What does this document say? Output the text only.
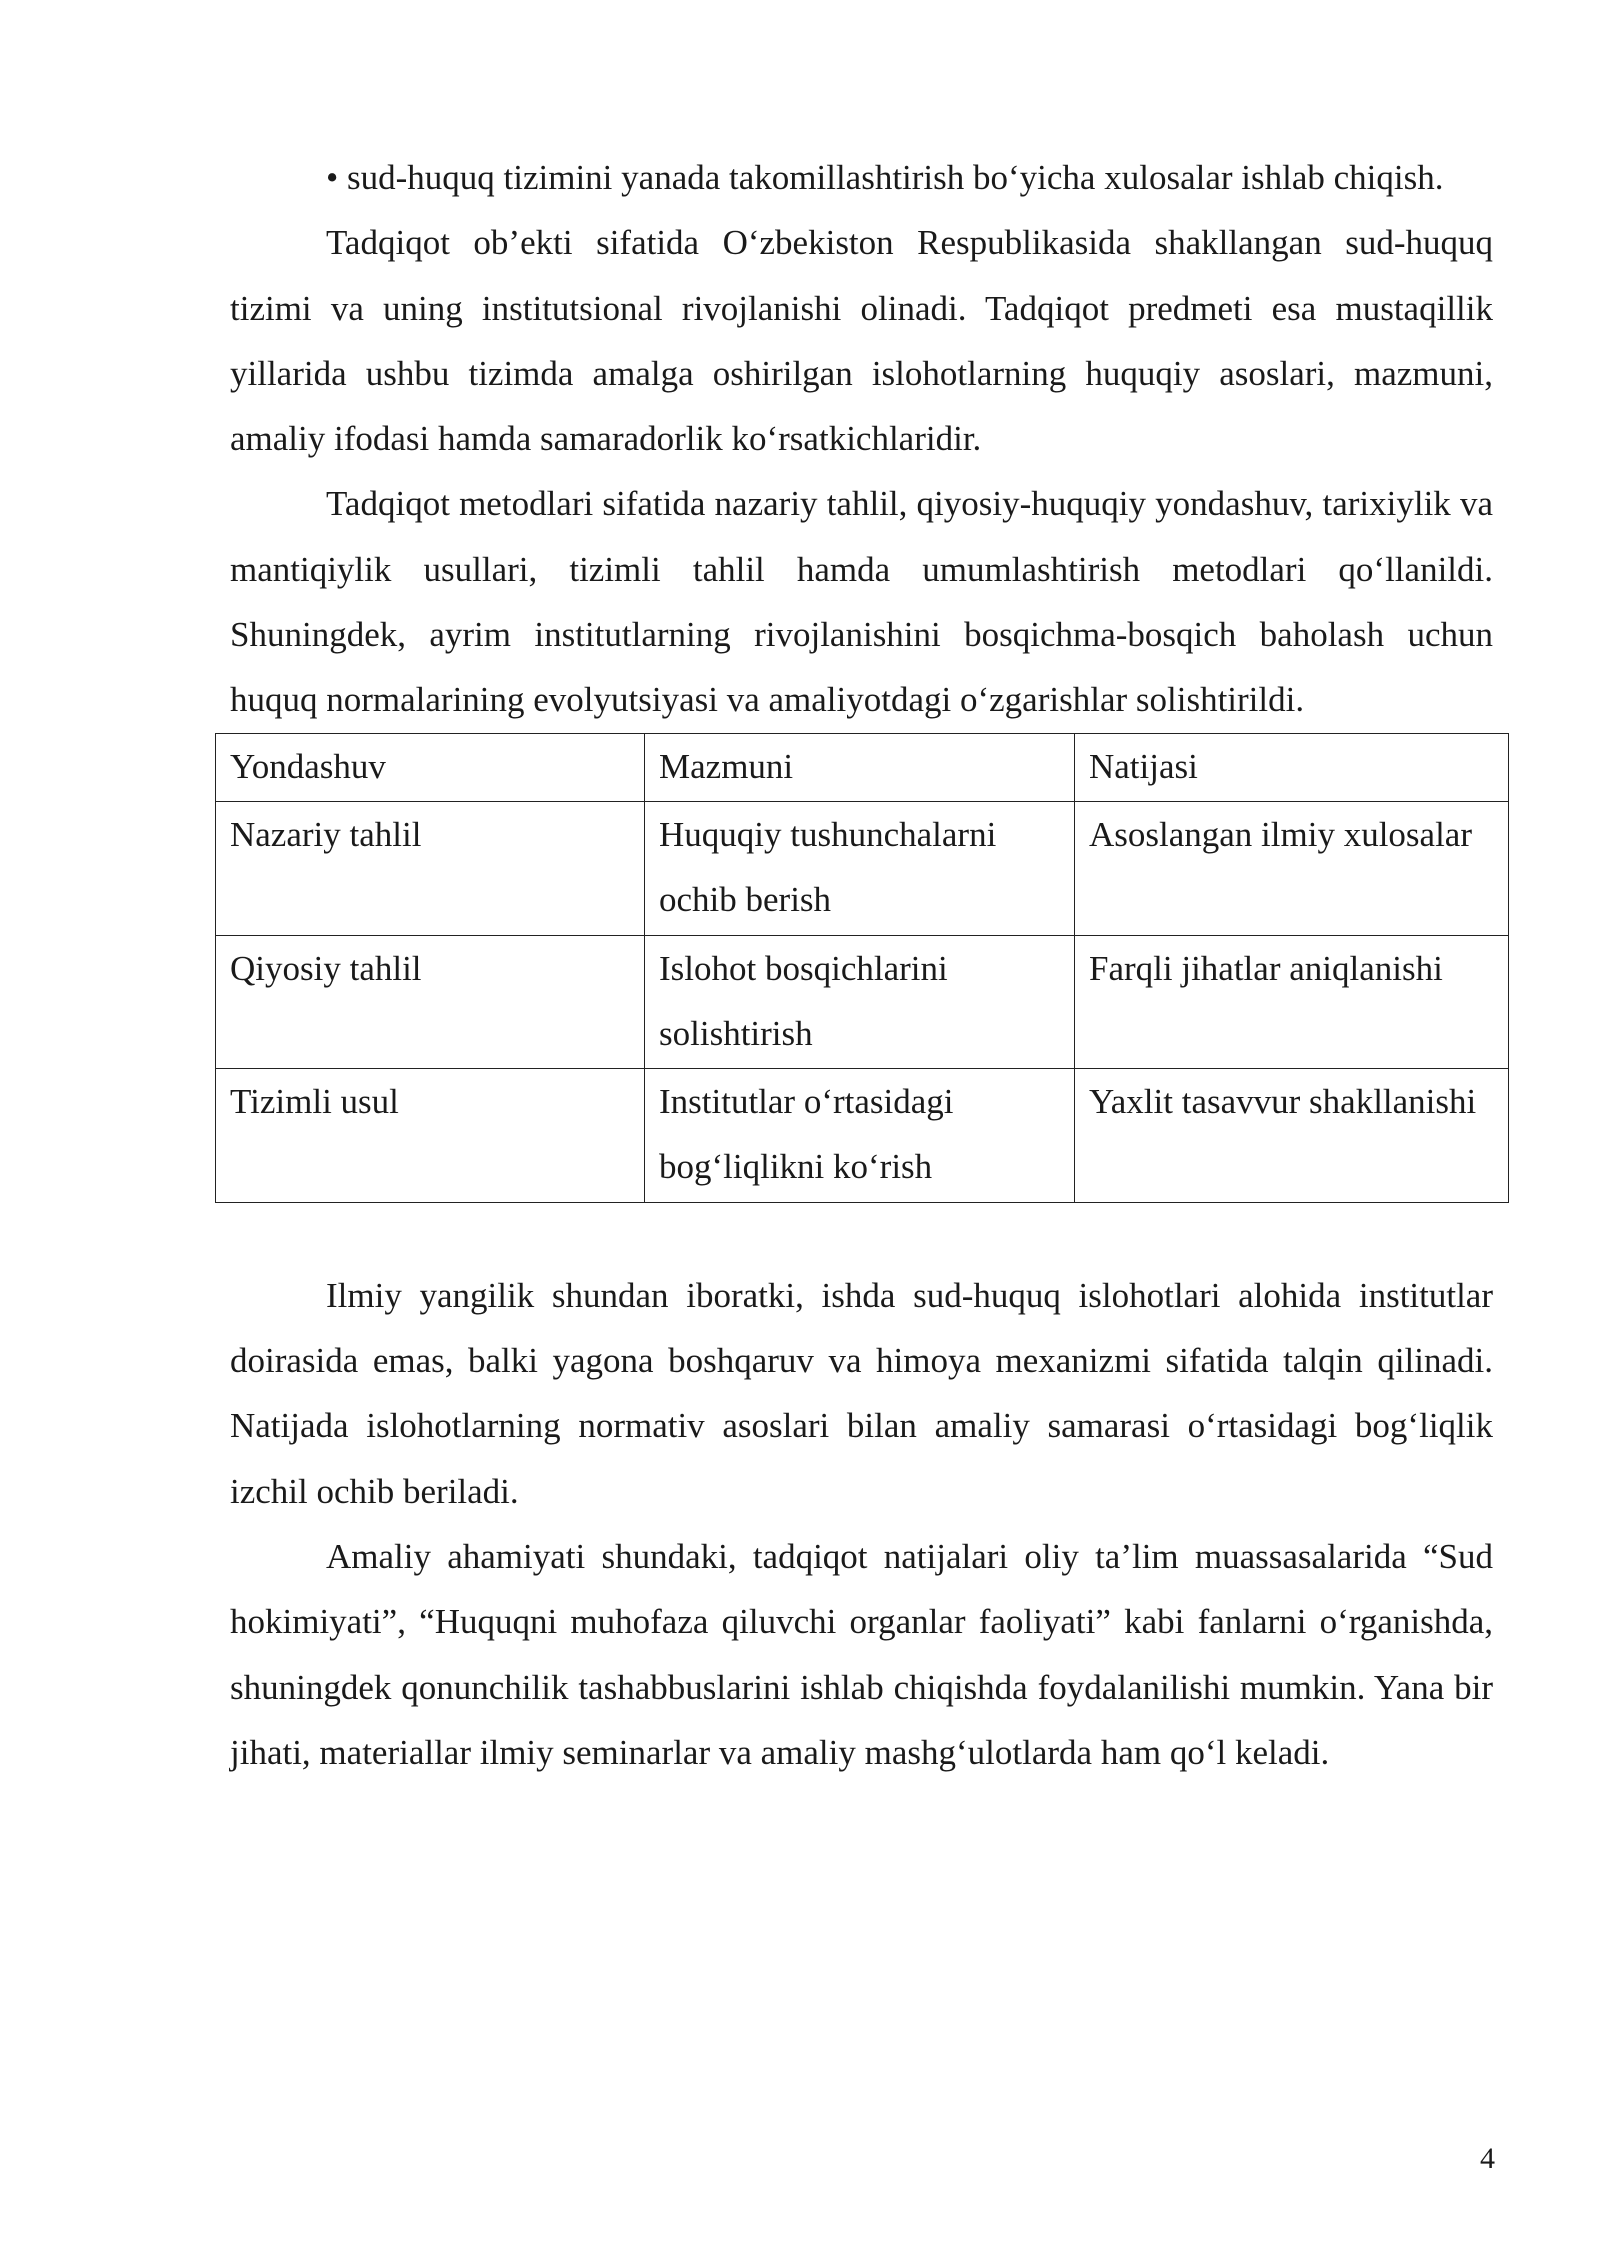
• sud-huquq tizimini yanada takomillashtirish bo‘yicha xulosalar ishlab chiqish.

Tadqiqot ob’ekti sifatida O‘zbekiston Respublikasida shakllangan sud-huquq tizimi va uning institutsional rivojlanishi olinadi. Tadqiqot predmeti esa mustaqillik yillarida ushbu tizimda amalga oshirilgan islohotlarning huquqiy asoslari, mazmuni, amaliy ifodasi hamda samaradorlik ko‘rsatkichlaridir.

Tadqiqot metodlari sifatida nazariy tahlil, qiyosiy-huquqiy yondashuv, tarixiylik va mantiqiylik usullari, tizimli tahlil hamda umumlashtirish metodlari qo‘llanildi. Shuningdek, ayrim institutlarning rivojlanishini bosqichma-bosqich baholash uchun huquq normalarining evolyutsiyasi va amaliyotdagi o‘zgarishlar solishtirildi.

Yondashuv	Mazmuni	Natijasi
Nazariy tahlil	Huquqiy tushunchalarni ochib berish	Asoslangan ilmiy xulosalar
Qiyosiy tahlil	Islohot bosqichlarini solishtirish	Farqli jihatlar aniqlanishi
Tizimli usul	Institutlar o‘rtasidagi bog‘liqlikni ko‘rish	Yaxlit tasavvur shakllanishi

Ilmiy yangilik shundan iboratki, ishda sud-huquq islohotlari alohida institutlar doirasida emas, balki yagona boshqaruv va himoya mexanizmi sifatida talqin qilinadi. Natijada islohotlarning normativ asoslari bilan amaliy samarasi o‘rtasidagi bog‘liqlik izchil ochib beriladi.

Amaliy ahamiyati shundaki, tadqiqot natijalari oliy ta’lim muassasalarida “Sud hokimiyati”, “Huquqni muhofaza qiluvchi organlar faoliyati” kabi fanlarni o‘rganishda, shuningdek qonunchilik tashabbuslarini ishlab chiqishda foydalanilishi mumkin. Yana bir jihati, materiallar ilmiy seminarlar va amaliy mashg‘ulotlarda ham qo‘l keladi.

4
